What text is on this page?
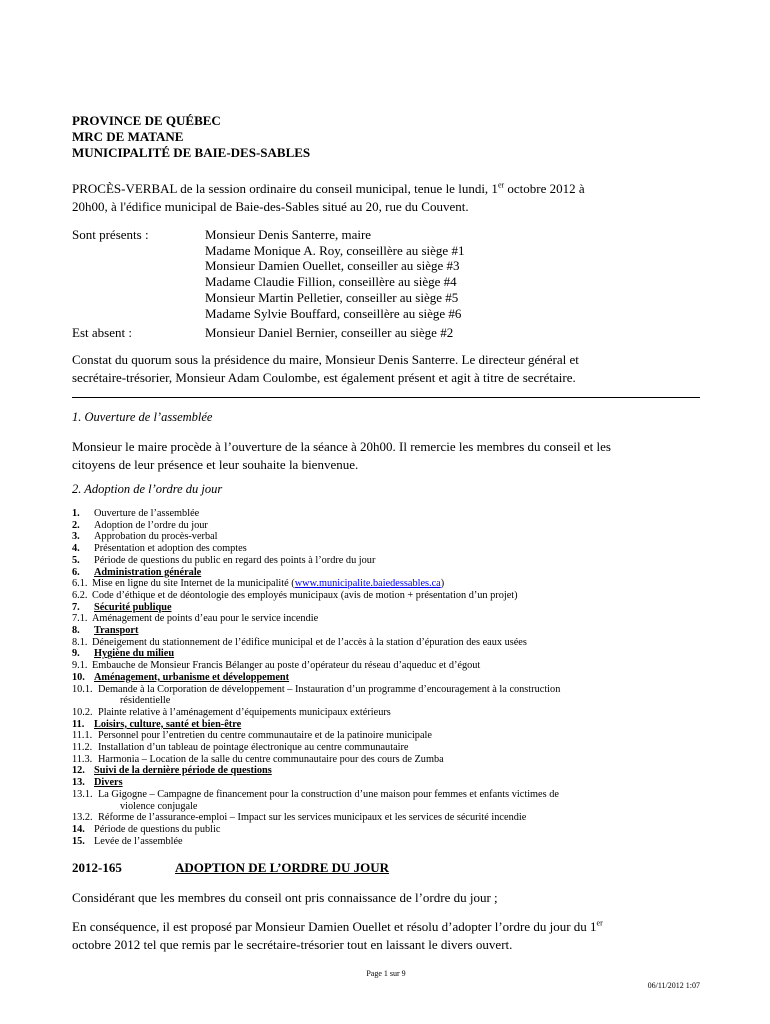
PROVINCE DE QUÉBEC
MRC DE MATANE
MUNICIPALITÉ DE BAIE-DES-SABLES
PROCÈS-VERBAL de la session ordinaire du conseil municipal, tenue le lundi, 1er octobre 2012 à
20h00, à l'édifice municipal de Baie-des-Sables situé au 20, rue du Couvent.
Sont présents :	Monsieur Denis Santerre, maire
Madame Monique A. Roy, conseillère au siège #1
Monsieur Damien Ouellet, conseiller au siège #3
Madame Claudie Fillion, conseillère au siège #4
Monsieur Martin Pelletier, conseiller au siège #5
Madame Sylvie Bouffard, conseillère au siège #6
Est absent :	Monsieur Daniel Bernier, conseiller au siège #2
Constat du quorum sous la présidence du maire, Monsieur Denis Santerre. Le directeur général et
secrétaire-trésorier, Monsieur Adam Coulombe, est également présent et agit à titre de secrétaire.
1. Ouverture de l’assemblée
Monsieur le maire procède à l’ouverture de la séance à 20h00. Il remercie les membres du conseil et les
citoyens de leur présence et leur souhaite la bienvenue.
2. Adoption de l’ordre du jour
1. Ouverture de l’assemblée
2. Adoption de l’ordre du jour
3. Approbation du procès-verbal
4. Présentation et adoption des comptes
5. Période de questions du public en regard des points à l’ordre du jour
6. Administration générale
6.1. Mise en ligne du site Internet de la municipalité (www.municipalite.baiedessables.ca)
6.2. Code d’éthique et de déontologie des employés municipaux (avis de motion + présentation d’un projet)
7. Sécurité publique
7.1. Aménagement de points d’eau pour le service incendie
8. Transport
8.1. Déneigement du stationnement de l’édifice municipal et de l’accès à la station d’épuration des eaux usées
9. Hygiène du milieu
9.1. Embauche de Monsieur Francis Bélanger au poste d’opérateur du réseau d’aqueduc et d’égout
10. Aménagement, urbanisme et développement
10.1. Demande à la Corporation de développement – Instauration d’un programme d’encouragement à la construction
résidentielle
10.2. Plainte relative à l’aménagement d’équipements municipaux extérieurs
11. Loisirs, culture, santé et bien-être
11.1. Personnel pour l’entretien du centre communautaire et de la patinoire municipale
11.2. Installation d’un tableau de pointage électronique au centre communautaire
11.3. Harmonia – Location de la salle du centre communautaire pour des cours de Zumba
12. Suivi de la dernière période de questions
13. Divers
13.1. La Gigogne – Campagne de financement pour la construction d’une maison pour femmes et enfants victimes de
violence conjugale
13.2. Réforme de l’assurance-emploi – Impact sur les services municipaux et les services de sécurité incendie
14. Période de questions du public
15. Levée de l’assemblée
2012-165	ADOPTION DE L’ORDRE DU JOUR
Considérant que les membres du conseil ont pris connaissance de l’ordre du jour ;
En conséquence, il est proposé par Monsieur Damien Ouellet et résolu d’adopter l’ordre du jour du 1er
octobre 2012 tel que remis par le secrétaire-trésorier tout en laissant le divers ouvert.
Page 1 sur 9
06/11/2012 1:07
